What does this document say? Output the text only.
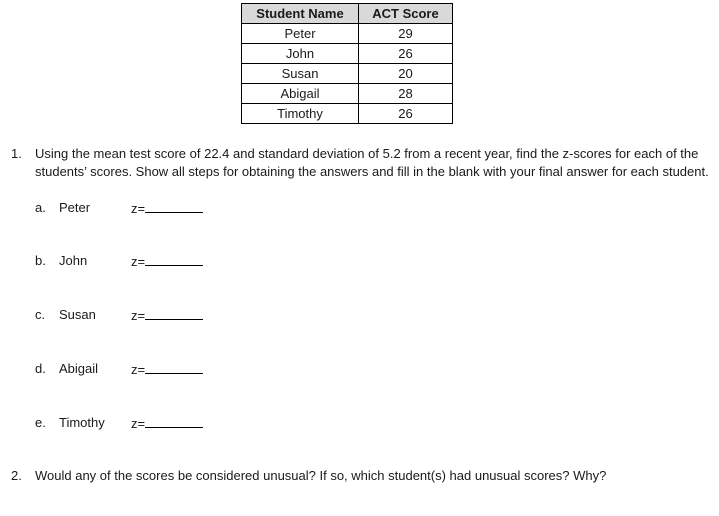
Student Name	ACT Score
Peter	29
John	26
Susan	20
Abigail	28
Timothy	26
1. Using the mean test score of 22.4 and standard deviation of 5.2 from a recent year, find the z-scores for each of the students’ scores. Show all steps for obtaining the answers and fill in the blank with your final answer for each student.
a. Peter	z=
b. John	z=
c. Susan	z=
d. Abigail	z=
e. Timothy z=
2. Would any of the scores be considered unusual? If so, which student(s) had unusual scores? Why?
